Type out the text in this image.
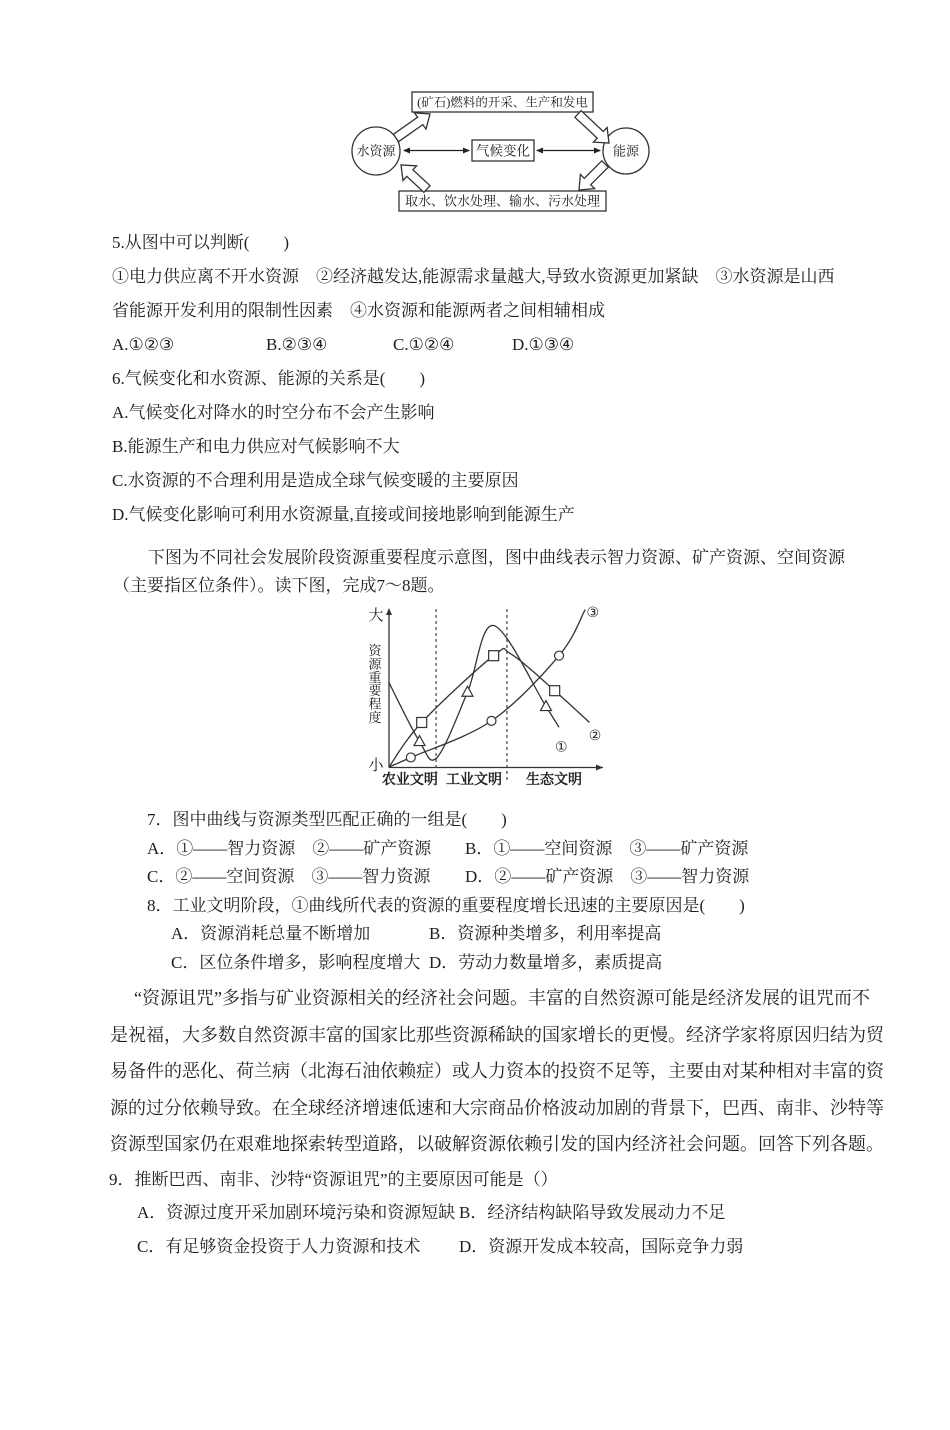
(矿石)燃料的开采、生产和发电
气候变化
取水、饮水处理、输水、污水处理
水资源	能源
5.从图中可以判断(　　)
①电力供应离不开水资源　②经济越发达,能源需求量越大,导致水资源更加紧缺　③水资源是山西
省能源开发利用的限制性因素　④水资源和能源两者之间相辅相成
A.①②③	B.②③④	C.①②④	D.①③④
6.气候变化和水资源、能源的关系是(　　)
A.气候变化对降水的时空分布不会产生影响
B.能源生产和电力供应对气候影响不大
C.水资源的不合理利用是造成全球气候变暖的主要原因
D.气候变化影响可利用水资源量,直接或间接地影响到能源生产
下图为不同社会发展阶段资源重要程度示意图，图中曲线表示智力资源、矿产资源、空间资源
（主要指区位条件）。读下图，完成7～8题。
大
小
资源重要程度
①
②
③
农业文明 工业文明 生态文明
7．图中曲线与资源类型匹配正确的一组是(　　)
A．①——智力资源　②——矿产资源	B．①——空间资源　③——矿产资源
C．②——空间资源　③——智力资源	D．②——矿产资源　③——智力资源
8．工业文明阶段，①曲线所代表的资源的重要程度增长迅速的主要原因是(　　)
A．资源消耗总量不断增加	B．资源种类增多，利用率提高
C．区位条件增多，影响程度增大 D．劳动力数量增多，素质提高
“资源诅咒”多指与矿业资源相关的经济社会问题。丰富的自然资源可能是经济发展的诅咒而不
是祝福，大多数自然资源丰富的国家比那些资源稀缺的国家增长的更慢。经济学家将原因归结为贸
易备件的恶化、荷兰病（北海石油依赖症）或人力资本的投资不足等，主要由对某种相对丰富的资
源的过分依赖导致。在全球经济增速低速和大宗商品价格波动加剧的背景下，巴西、南非、沙特等
资源型国家仍在艰难地探索转型道路，以破解资源依赖引发的国内经济社会问题。回答下列各题。
9．推断巴西、南非、沙特“资源诅咒”的主要原因可能是（）
A．资源过度开采加剧环境污染和资源短缺 B．经济结构缺陷导致发展动力不足
C．有足够资金投资于人力资源和技术	D．资源开发成本较高，国际竞争力弱
